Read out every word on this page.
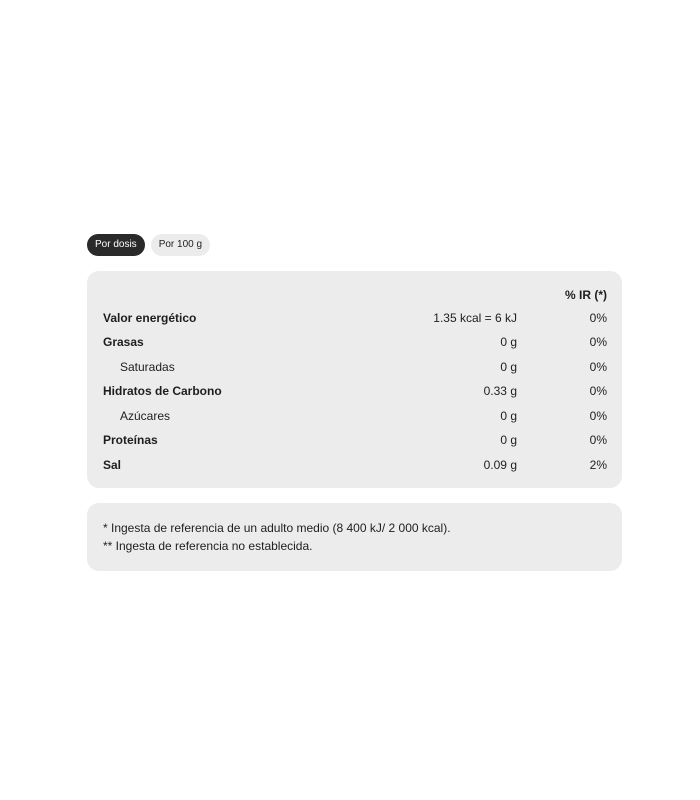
Por dosis	Por 100 g
% IR (*)
Valor energético	1.35 kcal = 6 kJ	0%
Grasas	0 g	0%
Saturadas	0 g	0%
Hidratos de Carbono	0.33 g	0%
Azúcares	0 g	0%
Proteínas	0 g	0%
Sal	0.09 g	2%
* Ingesta de referencia de un adulto medio (8 400 kJ/ 2 000 kcal).
** Ingesta de referencia no establecida.
